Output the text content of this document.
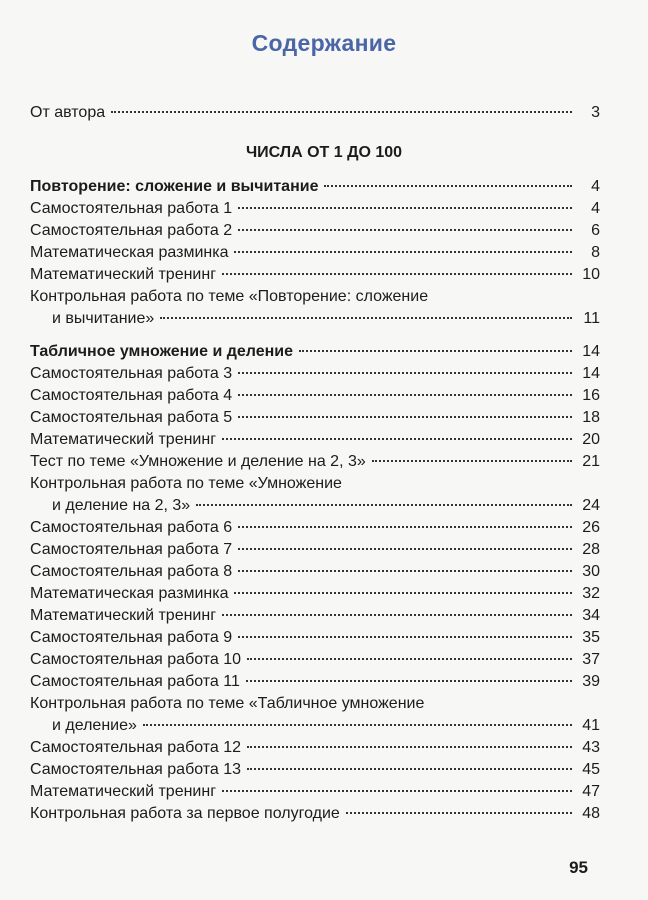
Содержание
От автора	3
Повторение: сложение и вычитание	4
Самостоятельная работа 1	4
Самостоятельная работа 2	6
Математическая разминка	8
Математический тренинг	10
Контрольная работа по теме «Повторение: сложение
и вычитание»	11
Табличное умножение и деление	14
Самостоятельная работа 3	14
Самостоятельная работа 4	16
Самостоятельная работа 5	18
Математический тренинг	20
Тест по теме «Умножение и деление на 2, 3»	21
Контрольная работа по теме «Умножение
и деление на 2, 3»	24
Самостоятельная работа 6	26
Самостоятельная работа 7	28
Самостоятельная работа 8	30
Математическая разминка	32
Математический тренинг	34
Самостоятельная работа 9	35
Самостоятельная работа 10	37
Самостоятельная работа 11	39
Контрольная работа по теме «Табличное умножение
и деление»	41
Самостоятельная работа 12	43
Самостоятельная работа 13	45
Математический тренинг	47
Контрольная работа за первое полугодие	48
ЧИСЛА ОТ 1 ДО 100
95
